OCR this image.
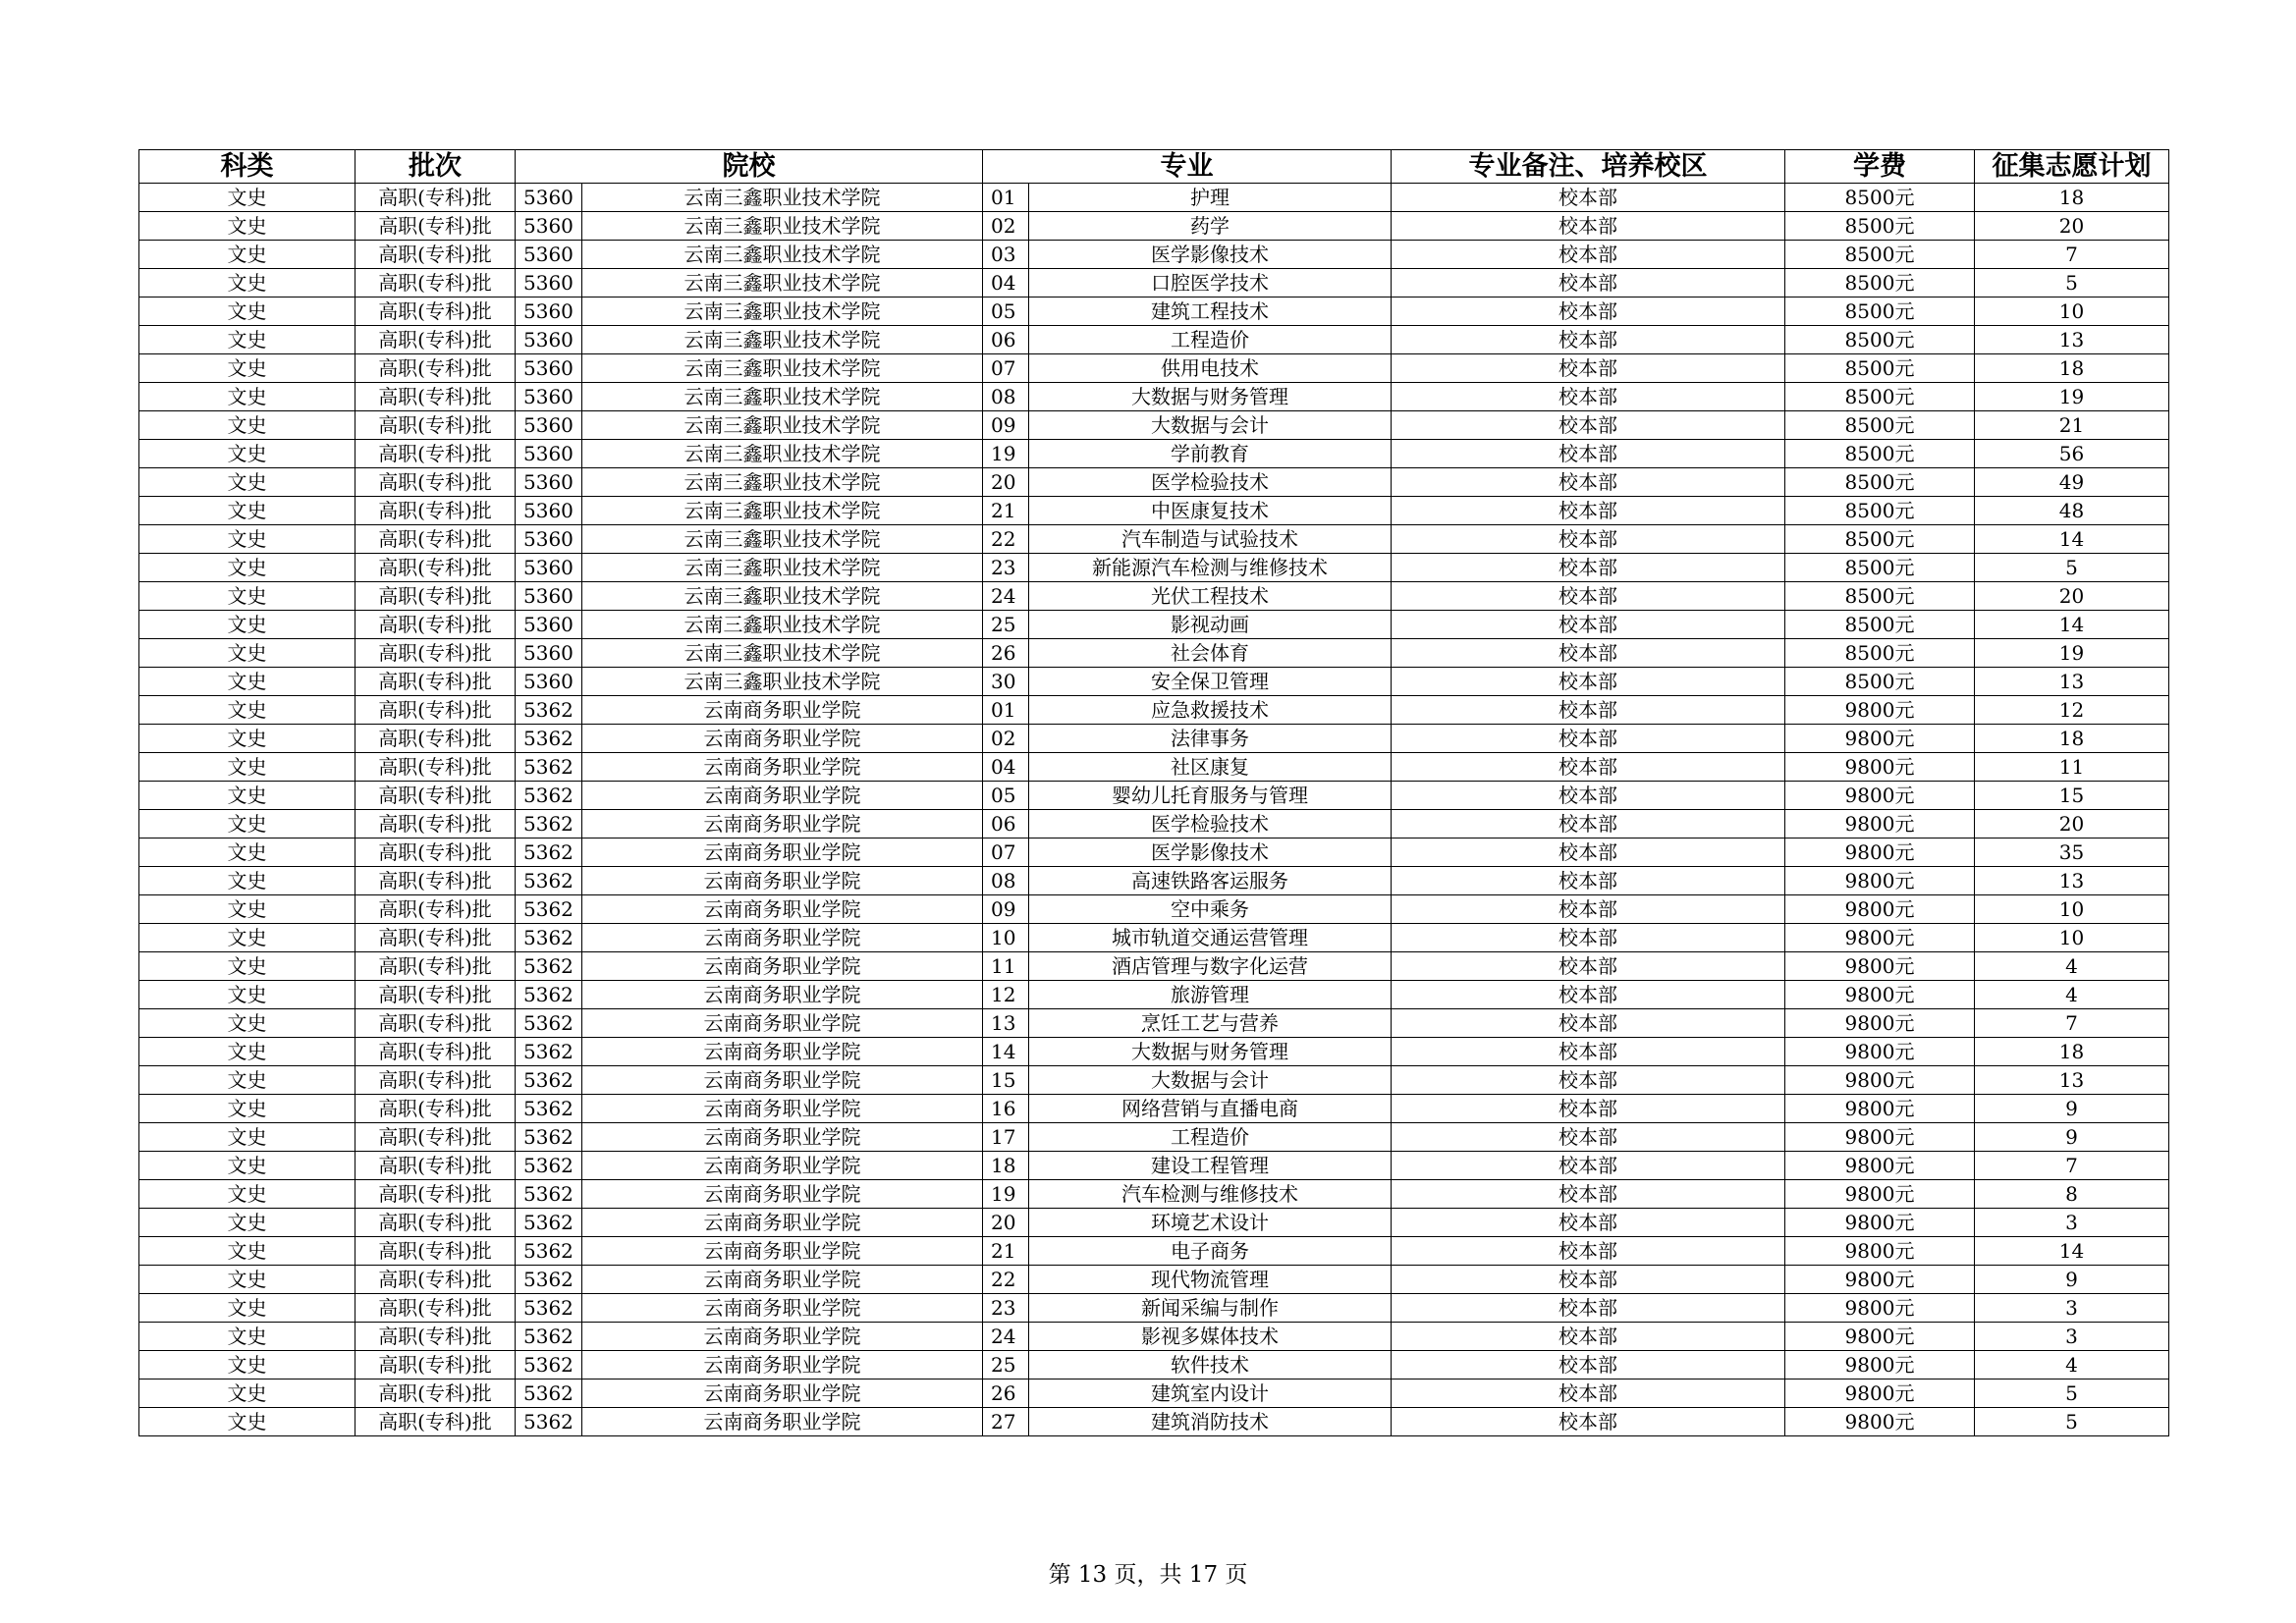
科类	批次	院校		专业		专业备注、培养校区	学费	征集志愿计划
文史	高职(专科)批	5360	云南三鑫职业技术学院	01	护理	校本部	8500元	18
文史	高职(专科)批	5360	云南三鑫职业技术学院	02	药学	校本部	8500元	20
文史	高职(专科)批	5360	云南三鑫职业技术学院	03	医学影像技术	校本部	8500元	7
文史	高职(专科)批	5360	云南三鑫职业技术学院	04	口腔医学技术	校本部	8500元	5
文史	高职(专科)批	5360	云南三鑫职业技术学院	05	建筑工程技术	校本部	8500元	10
文史	高职(专科)批	5360	云南三鑫职业技术学院	06	工程造价	校本部	8500元	13
文史	高职(专科)批	5360	云南三鑫职业技术学院	07	供用电技术	校本部	8500元	18
文史	高职(专科)批	5360	云南三鑫职业技术学院	08	大数据与财务管理	校本部	8500元	19
文史	高职(专科)批	5360	云南三鑫职业技术学院	09	大数据与会计	校本部	8500元	21
文史	高职(专科)批	5360	云南三鑫职业技术学院	19	学前教育	校本部	8500元	56
文史	高职(专科)批	5360	云南三鑫职业技术学院	20	医学检验技术	校本部	8500元	49
文史	高职(专科)批	5360	云南三鑫职业技术学院	21	中医康复技术	校本部	8500元	48
文史	高职(专科)批	5360	云南三鑫职业技术学院	22	汽车制造与试验技术	校本部	8500元	14
文史	高职(专科)批	5360	云南三鑫职业技术学院	23	新能源汽车检测与维修技术	校本部	8500元	5
文史	高职(专科)批	5360	云南三鑫职业技术学院	24	光伏工程技术	校本部	8500元	20
文史	高职(专科)批	5360	云南三鑫职业技术学院	25	影视动画	校本部	8500元	14
文史	高职(专科)批	5360	云南三鑫职业技术学院	26	社会体育	校本部	8500元	19
文史	高职(专科)批	5360	云南三鑫职业技术学院	30	安全保卫管理	校本部	8500元	13
文史	高职(专科)批	5362	云南商务职业学院	01	应急救援技术	校本部	9800元	12
文史	高职(专科)批	5362	云南商务职业学院	02	法律事务	校本部	9800元	18
文史	高职(专科)批	5362	云南商务职业学院	04	社区康复	校本部	9800元	11
文史	高职(专科)批	5362	云南商务职业学院	05	婴幼儿托育服务与管理	校本部	9800元	15
文史	高职(专科)批	5362	云南商务职业学院	06	医学检验技术	校本部	9800元	20
文史	高职(专科)批	5362	云南商务职业学院	07	医学影像技术	校本部	9800元	35
文史	高职(专科)批	5362	云南商务职业学院	08	高速铁路客运服务	校本部	9800元	13
文史	高职(专科)批	5362	云南商务职业学院	09	空中乘务	校本部	9800元	10
文史	高职(专科)批	5362	云南商务职业学院	10	城市轨道交通运营管理	校本部	9800元	10
文史	高职(专科)批	5362	云南商务职业学院	11	酒店管理与数字化运营	校本部	9800元	4
文史	高职(专科)批	5362	云南商务职业学院	12	旅游管理	校本部	9800元	4
文史	高职(专科)批	5362	云南商务职业学院	13	烹饪工艺与营养	校本部	9800元	7
文史	高职(专科)批	5362	云南商务职业学院	14	大数据与财务管理	校本部	9800元	18
文史	高职(专科)批	5362	云南商务职业学院	15	大数据与会计	校本部	9800元	13
文史	高职(专科)批	5362	云南商务职业学院	16	网络营销与直播电商	校本部	9800元	9
文史	高职(专科)批	5362	云南商务职业学院	17	工程造价	校本部	9800元	9
文史	高职(专科)批	5362	云南商务职业学院	18	建设工程管理	校本部	9800元	7
文史	高职(专科)批	5362	云南商务职业学院	19	汽车检测与维修技术	校本部	9800元	8
文史	高职(专科)批	5362	云南商务职业学院	20	环境艺术设计	校本部	9800元	3
文史	高职(专科)批	5362	云南商务职业学院	21	电子商务	校本部	9800元	14
文史	高职(专科)批	5362	云南商务职业学院	22	现代物流管理	校本部	9800元	9
文史	高职(专科)批	5362	云南商务职业学院	23	新闻采编与制作	校本部	9800元	3
文史	高职(专科)批	5362	云南商务职业学院	24	影视多媒体技术	校本部	9800元	3
文史	高职(专科)批	5362	云南商务职业学院	25	软件技术	校本部	9800元	4
文史	高职(专科)批	5362	云南商务职业学院	26	建筑室内设计	校本部	9800元	5
文史	高职(专科)批	5362	云南商务职业学院	27	建筑消防技术	校本部	9800元	5
第 13 页，共 17 页
